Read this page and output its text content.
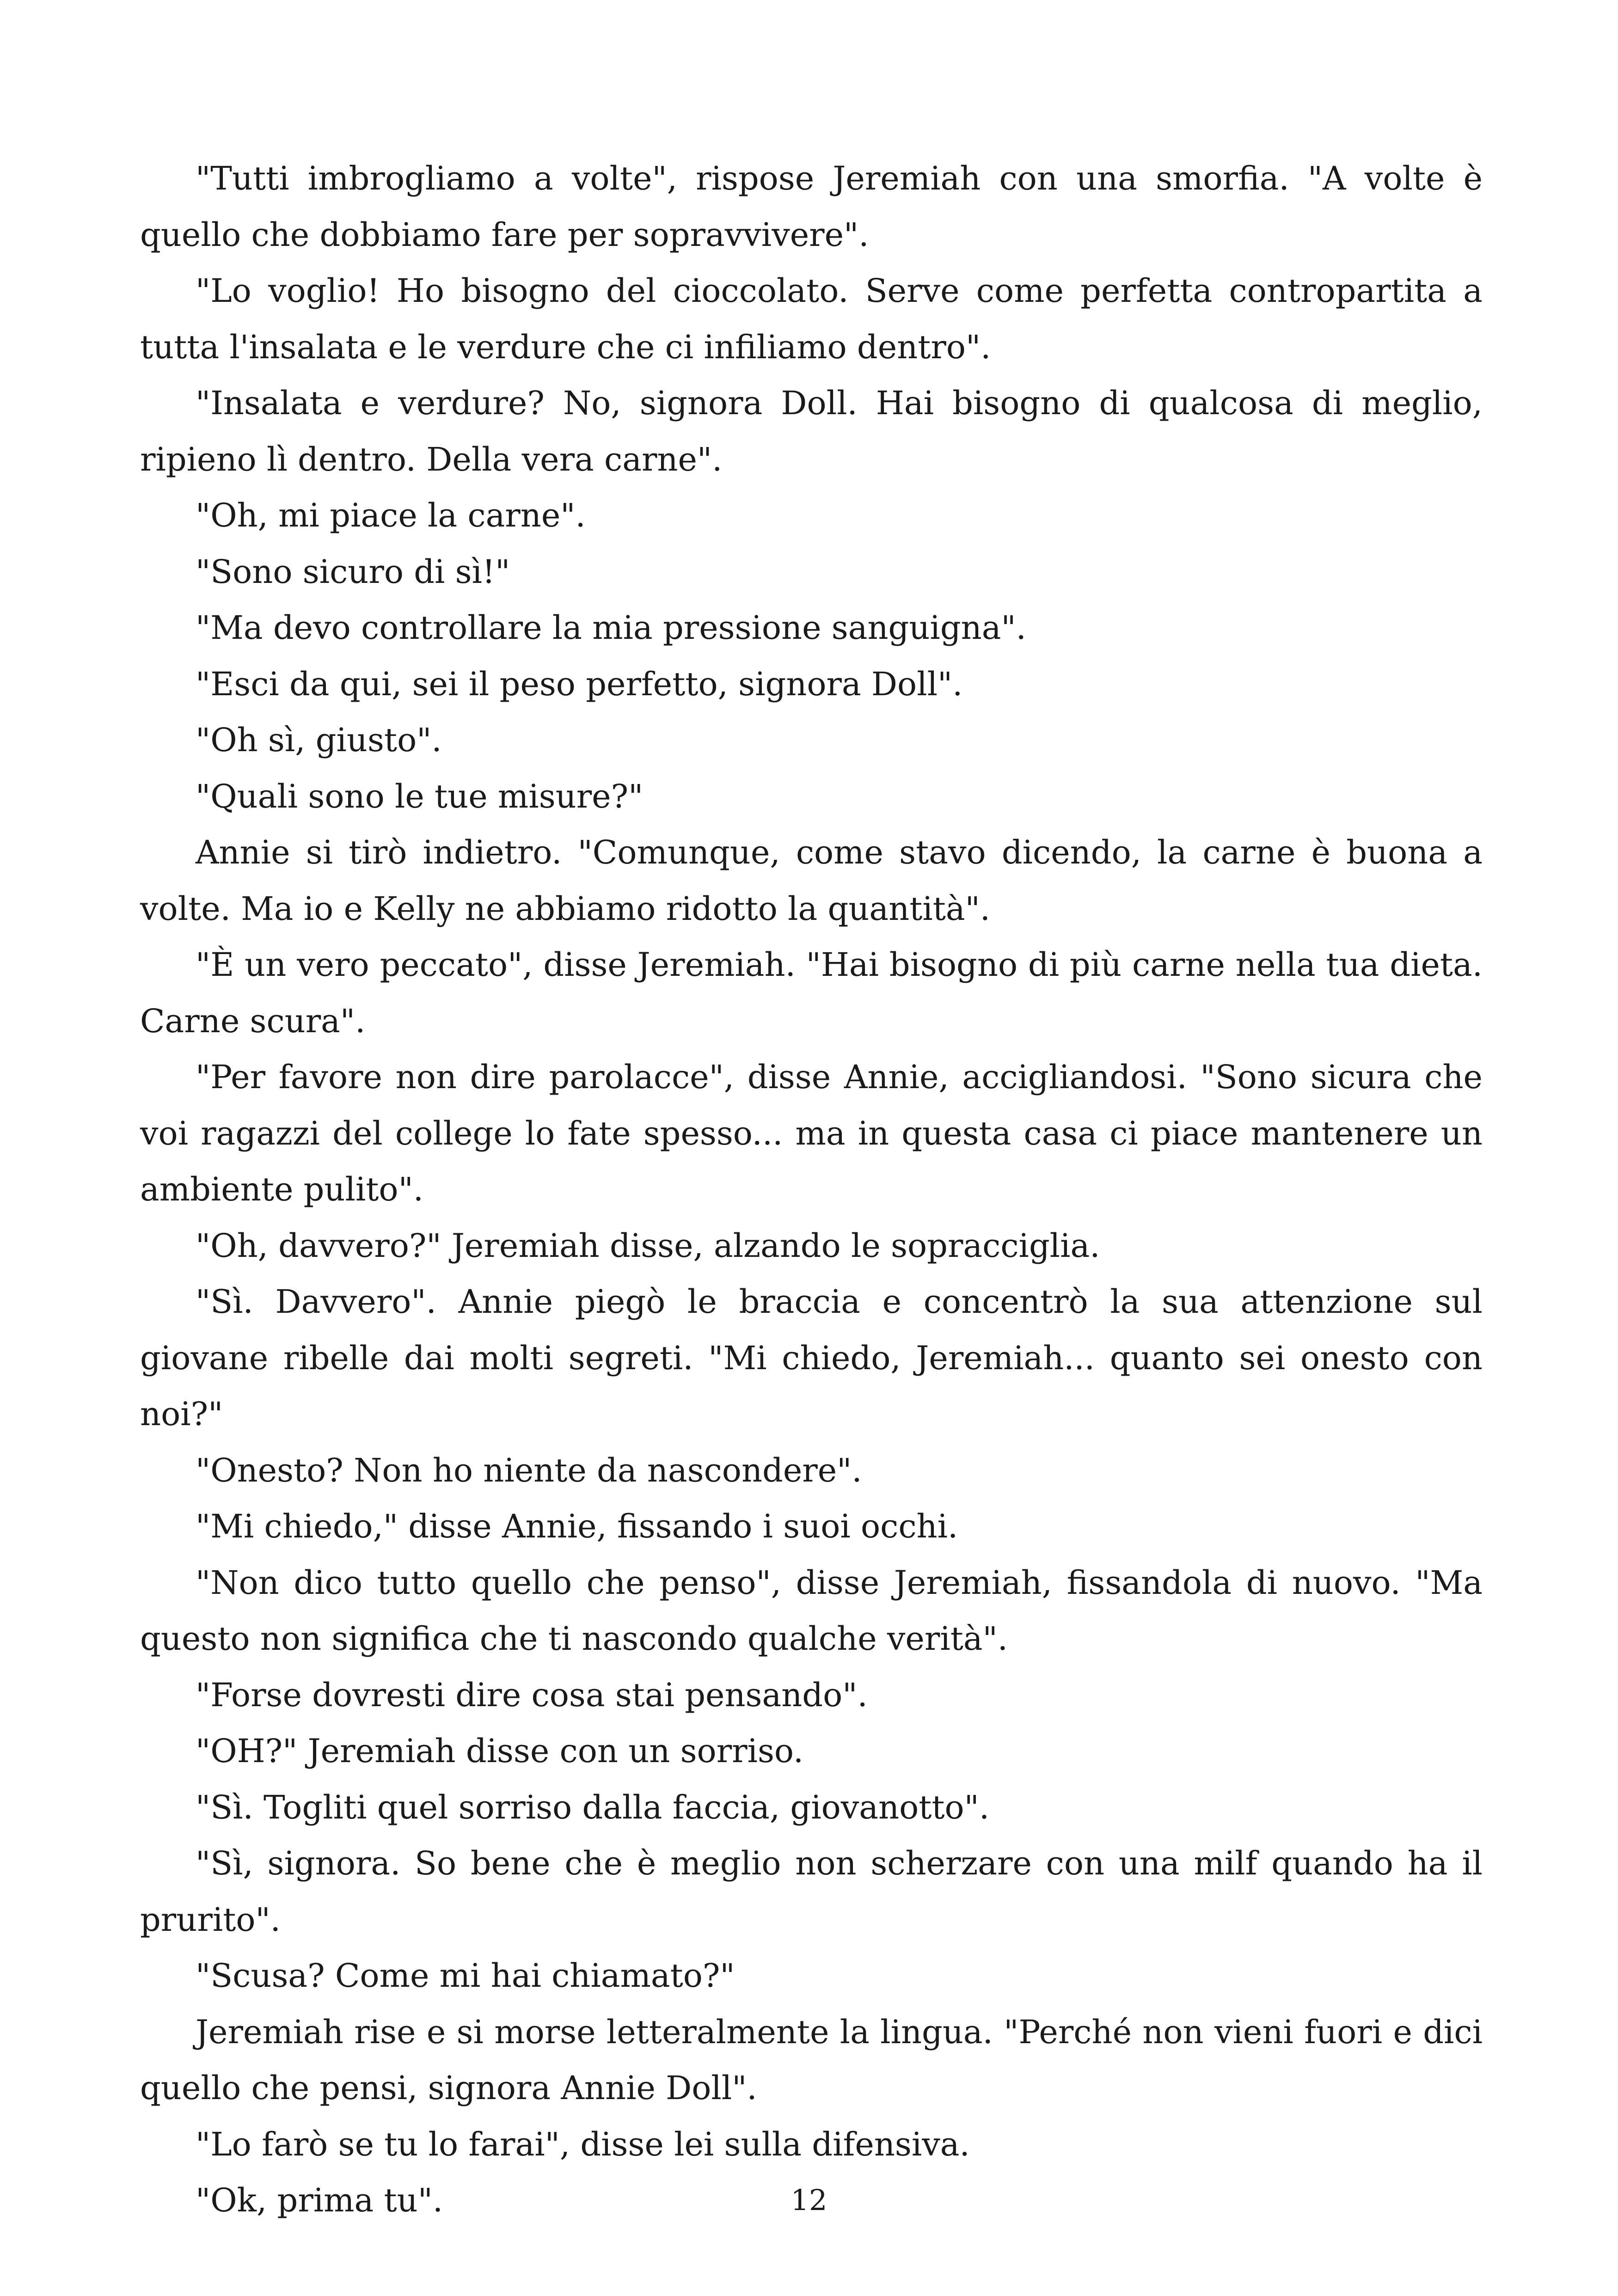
"Tutti imbrogliamo a volte", rispose Jeremiah con una smorfia. "A volte è quello che dobbiamo fare per sopravvivere".

"Lo voglio! Ho bisogno del cioccolato. Serve come perfetta contropartita a tutta l'insalata e le verdure che ci infiliamo dentro".

"Insalata e verdure? No, signora Doll. Hai bisogno di qualcosa di meglio, ripieno lì dentro. Della vera carne".

"Oh, mi piace la carne".

"Sono sicuro di sì!"

"Ma devo controllare la mia pressione sanguigna".

"Esci da qui, sei il peso perfetto, signora Doll".

"Oh sì, giusto".

"Quali sono le tue misure?"

Annie si tirò indietro. "Comunque, come stavo dicendo, la carne è buona a volte. Ma io e Kelly ne abbiamo ridotto la quantità".

"È un vero peccato", disse Jeremiah. "Hai bisogno di più carne nella tua dieta. Carne scura".

"Per favore non dire parolacce", disse Annie, accigliandosi. "Sono sicura che voi ragazzi del college lo fate spesso... ma in questa casa ci piace mantenere un ambiente pulito".

"Oh, davvero?" Jeremiah disse, alzando le sopracciglia.

"Sì. Davvero". Annie piegò le braccia e concentrò la sua attenzione sul giovane ribelle dai molti segreti. "Mi chiedo, Jeremiah... quanto sei onesto con noi?"

"Onesto? Non ho niente da nascondere".

"Mi chiedo," disse Annie, fissando i suoi occhi.

"Non dico tutto quello che penso", disse Jeremiah, fissandola di nuovo. "Ma questo non significa che ti nascondo qualche verità".

"Forse dovresti dire cosa stai pensando".

"OH?" Jeremiah disse con un sorriso.

"Sì. Togliti quel sorriso dalla faccia, giovanotto".

"Sì, signora. So bene che è meglio non scherzare con una milf quando ha il prurito".

"Scusa? Come mi hai chiamato?"

Jeremiah rise e si morse letteralmente la lingua. "Perché non vieni fuori e dici quello che pensi, signora Annie Doll".

"Lo farò se tu lo farai", disse lei sulla difensiva.

"Ok, prima tu".	12
